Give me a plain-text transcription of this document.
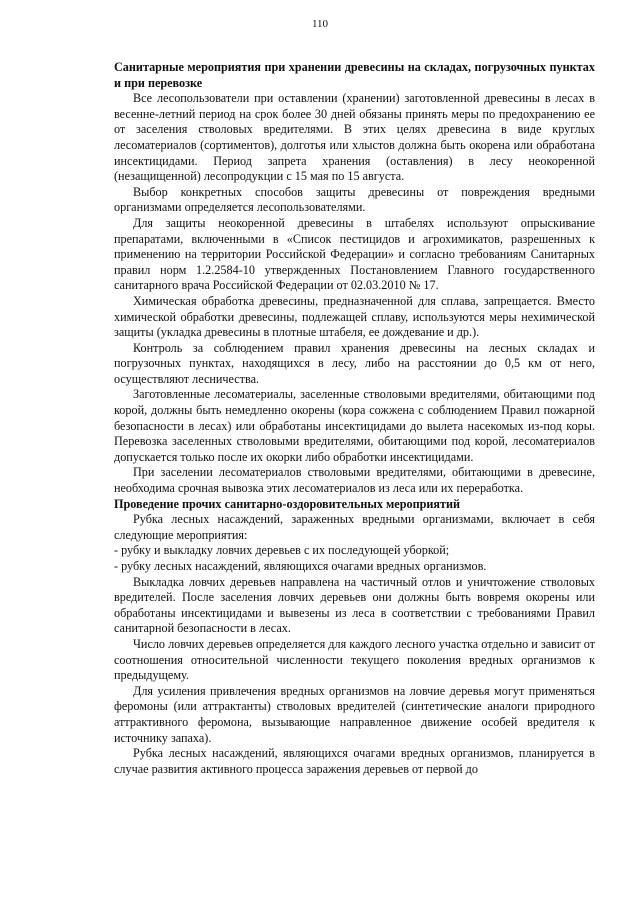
110

Санитарные мероприятия при хранении древесины на складах, погрузочных пунктах и при перевозке

Все лесопользователи при оставлении (хранении) заготовленной древесины в лесах в весенне-летний период на срок более 30 дней обязаны принять меры по предохранению ее от заселения стволовых вредителями. В этих целях древесина в виде круглых лесоматериалов (сортиментов), долготья или хлыстов должна быть окорена или обработана инсектицидами. Период запрета хранения (оставления) в лесу неокоренной (незащищенной) лесопродукции с 15 мая по 15 августа.

Выбор конкретных способов защиты древесины от повреждения вредными организмами определяется лесопользователями.

Для защиты неокоренной древесины в штабелях используют опрыскивание препаратами, включенными в «Список пестицидов и агрохимикатов, разрешенных к применению на территории Российской Федерации» и согласно требованиям Санитарных правил норм 1.2.2584-10 утвержденных Постановлением Главного государственного санитарного врача Российской Федерации от 02.03.2010 № 17.

Химическая обработка древесины, предназначенной для сплава, запрещается. Вместо химической обработки древесины, подлежащей сплаву, используются меры нехимической защиты (укладка древесины в плотные штабеля, ее дождевание и др.).

Контроль за соблюдением правил хранения древесины на лесных складах и погрузочных пунктах, находящихся в лесу, либо на расстоянии до 0,5 км от него, осуществляют лесничества.

Заготовленные лесоматериалы, заселенные стволовыми вредителями, обитающими под корой, должны быть немедленно окорены (кора сожжена с соблюдением Правил пожарной безопасности в лесах) или обработаны инсектицидами до вылета насекомых из-под коры. Перевозка заселенных стволовыми вредителями, обитающими под корой, лесоматериалов допускается только после их окорки либо обработки инсектицидами.

При заселении лесоматериалов стволовыми вредителями, обитающими в древесине, необходима срочная вывозка этих лесоматериалов из леса или их переработка.

Проведение прочих санитарно-оздоровительных мероприятий

Рубка лесных насаждений, зараженных вредными организмами, включает в себя следующие мероприятия:

- рубку и выкладку ловчих деревьев с их последующей уборкой;

- рубку лесных насаждений, являющихся очагами вредных организмов.

Выкладка ловчих деревьев направлена на частичный отлов и уничтожение стволовых вредителей. После заселения ловчих деревьев они должны быть вовремя окорены или обработаны инсектицидами и вывезены из леса в соответствии с требованиями Правил санитарной безопасности в лесах.

Число ловчих деревьев определяется для каждого лесного участка отдельно и зависит от соотношения относительной численности текущего поколения вредных организмов к предыдущему.

Для усиления привлечения вредных организмов на ловчие деревья могут применяться феромоны (или аттрактанты) стволовых вредителей (синтетические аналоги природного аттрактивного феромона, вызывающие направленное движение особей вредителя к источнику запаха).

Рубка лесных насаждений, являющихся очагами вредных организмов, планируется в случае развития активного процесса заражения деревьев от первой до
